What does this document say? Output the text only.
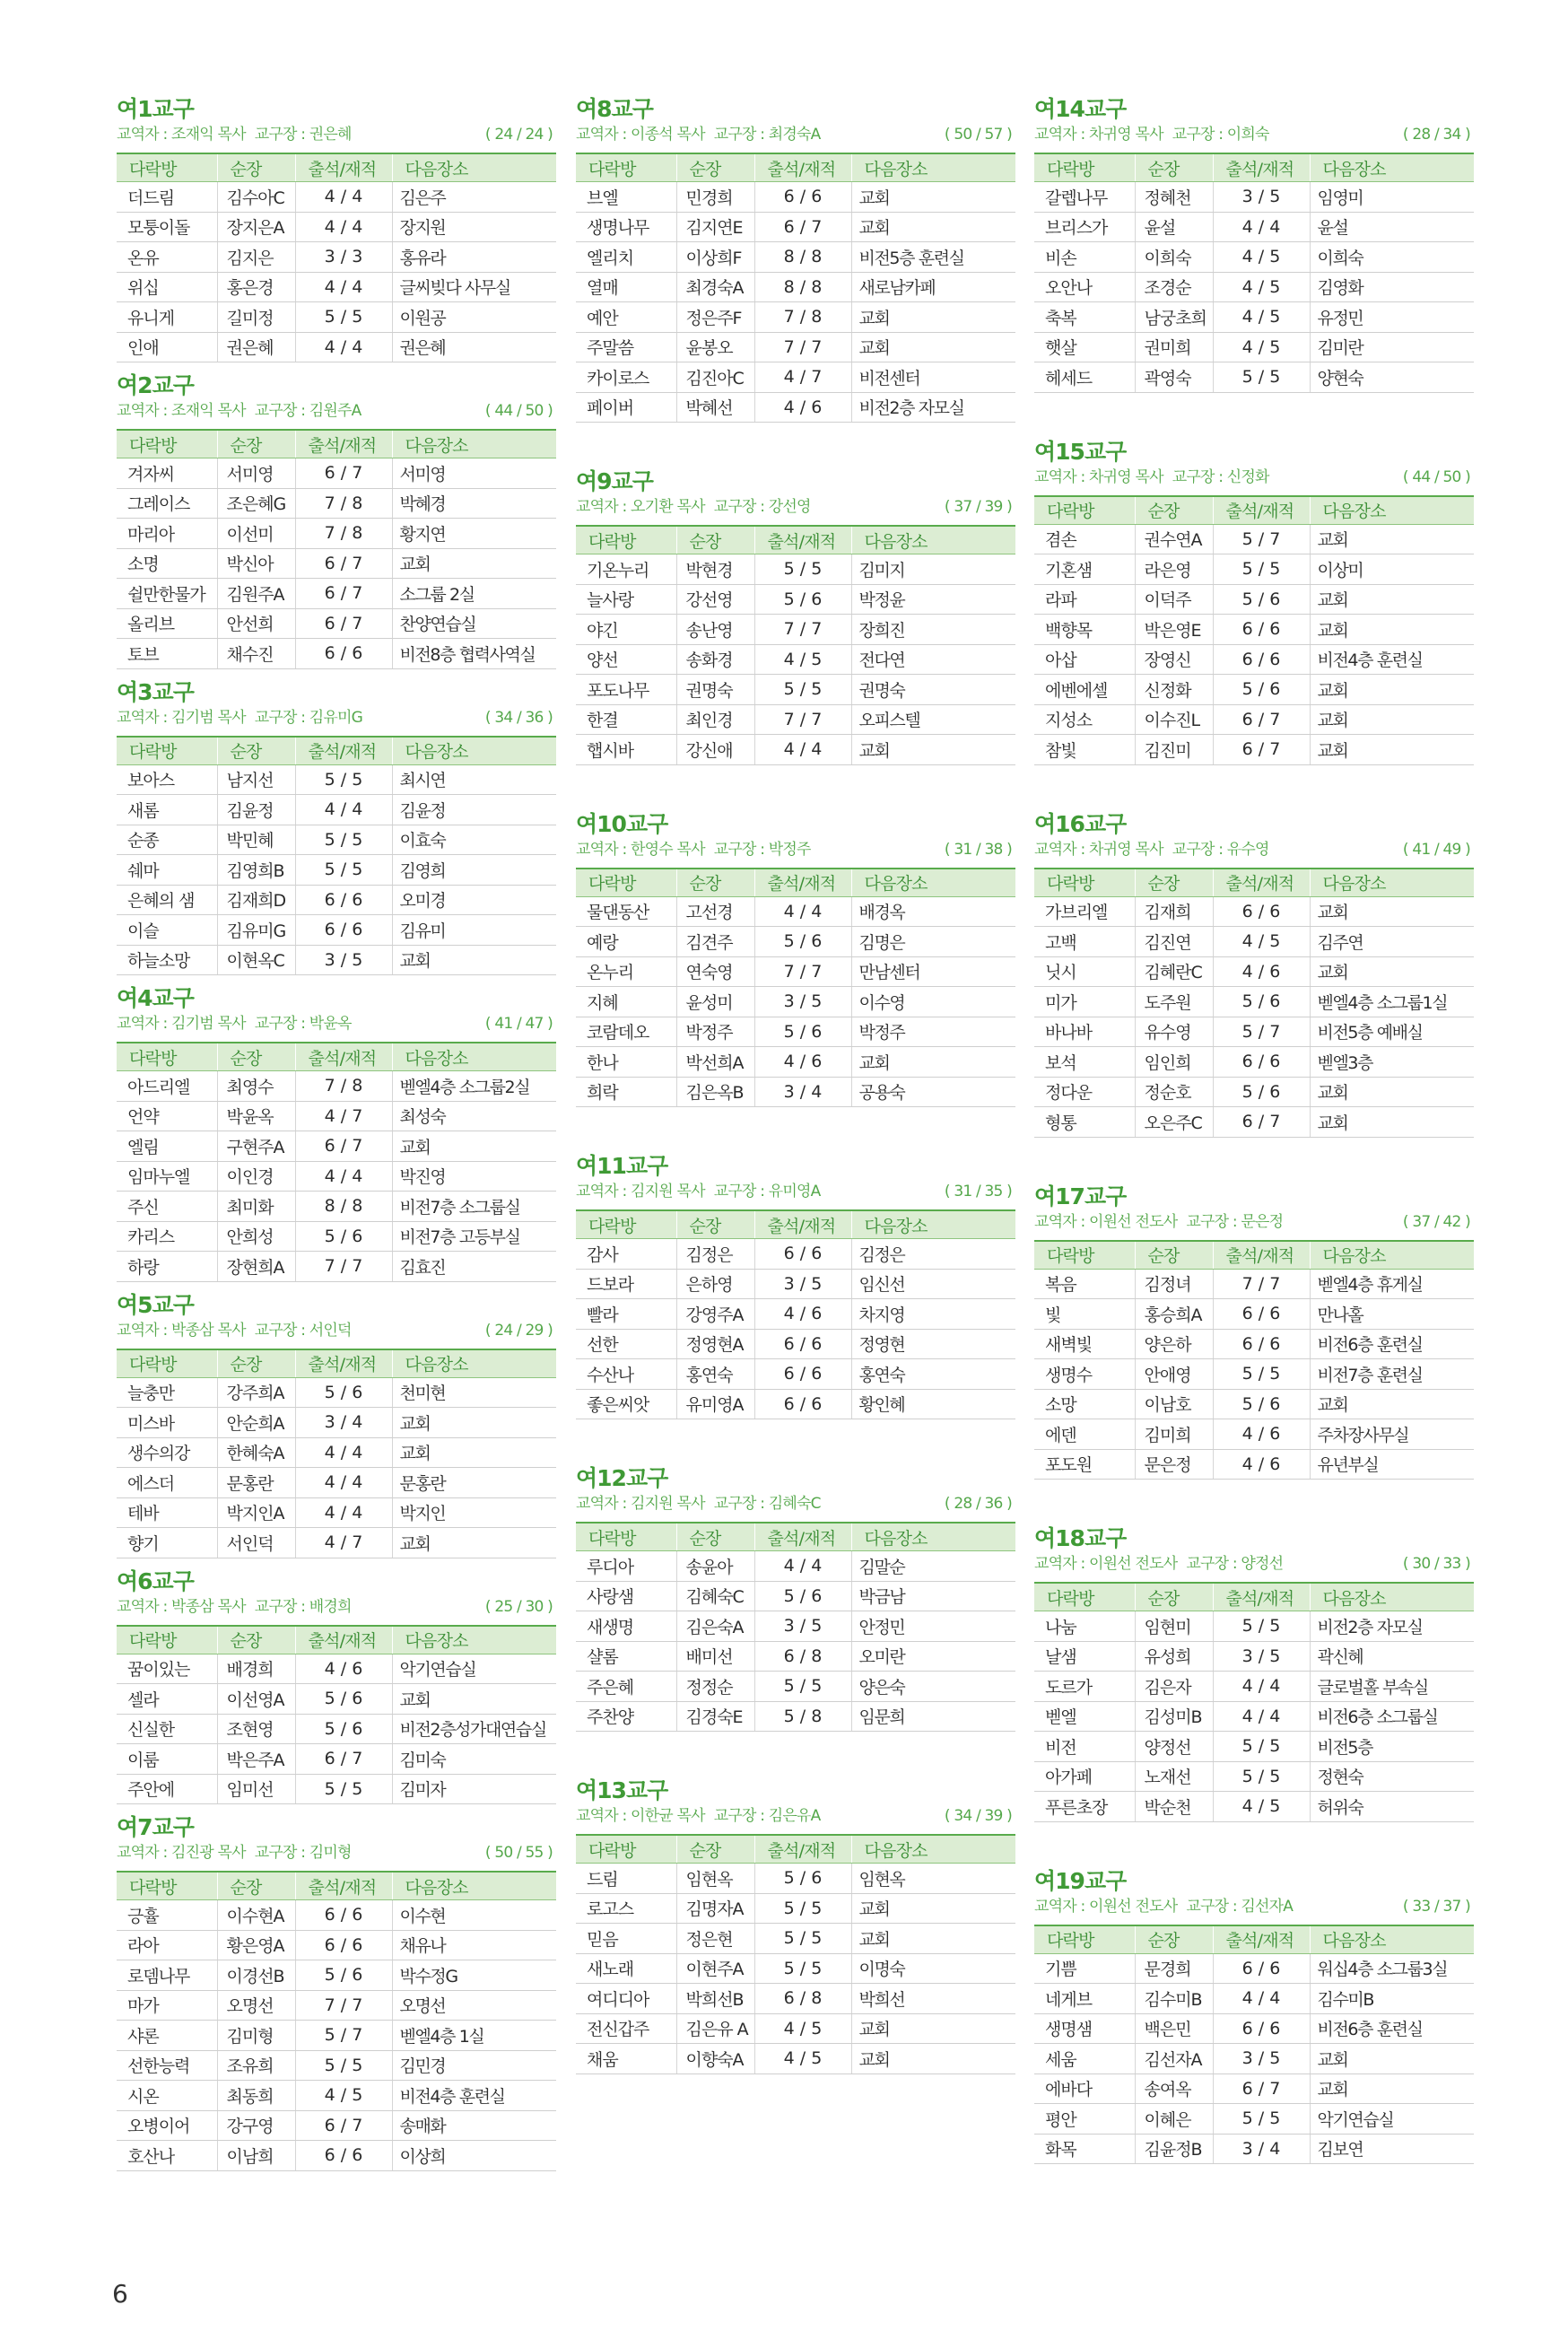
여1교구
교역자 : 조재익 목사 교구장 : 권은혜	( 24 / 24 )
다락방	순장	출석/재적	다음장소
더드림	김수아C	4 / 4	김은주
모퉁이돌	장지은A	4 / 4	장지원
온유	김지은	3 / 3	홍유라
위십	홍은경	4 / 4	글씨빚다 사무실
유니게	길미정	5 / 5	이원공
인애	권은혜	4 / 4	권은혜
여2교구
교역자 : 조재익 목사 교구장 : 김원주A	( 44 / 50 )
다락방	순장	출석/재적	다음장소
겨자씨	서미영	6 / 7	서미영
그레이스	조은혜G	7 / 8	박혜경
마리아	이선미	7 / 8	황지연
소명	박신아	6 / 7	교회
쉴만한물가	김원주A	6 / 7	소그룹 2실
올리브	안선희	6 / 7	찬양연습실
토브	채수진	6 / 6	비전8층 협력사역실
여3교구
교역자 : 김기범 목사 교구장 : 김유미G	( 34 / 36 )
다락방	순장	출석/재적	다음장소
보아스	남지선	5 / 5	최시연
새롬	김윤정	4 / 4	김윤정
순종	박민혜	5 / 5	이효숙
쉐마	김영희B	5 / 5	김영희
은혜의 샘	김재희D	6 / 6	오미경
이슬	김유미G	6 / 6	김유미
하늘소망	이현옥C	3 / 5	교회
여4교구
교역자 : 김기범 목사 교구장 : 박윤옥	( 41 / 47 )
다락방	순장	출석/재적	다음장소
아드리엘	최영수	7 / 8	벧엘4층 소그룹2실
언약	박윤옥	4 / 7	최성숙
엘림	구현주A	6 / 7	교회
임마누엘	이인경	4 / 4	박진영
주신	최미화	8 / 8	비전7층 소그룹실
카리스	안희성	5 / 6	비전7층 고등부실
하랑	장현희A	7 / 7	김효진
여5교구
교역자 : 박종삼 목사 교구장 : 서인덕	( 24 / 29 )
다락방	순장	출석/재적	다음장소
늘충만	강주희A	5 / 6	천미현
미스바	안순희A	3 / 4	교회
생수의강	한혜숙A	4 / 4	교회
에스더	문홍란	4 / 4	문홍란
테바	박지인A	4 / 4	박지인
향기	서인덕	4 / 7	교회
여6교구
교역자 : 박종삼 목사 교구장 : 배경희	( 25 / 30 )
다락방	순장	출석/재적	다음장소
꿈이있는	배경희	4 / 6	악기연습실
셀라	이선영A	5 / 6	교회
신실한	조현영	5 / 6	비전2층성가대연습실
이룸	박은주A	6 / 7	김미숙
주안에	임미선	5 / 5	김미자
여7교구
교역자 : 김진광 목사 교구장 : 김미형	( 50 / 55 )
다락방	순장	출석/재적	다음장소
긍휼	이수현A	6 / 6	이수현
라아	황은영A	6 / 6	채유나
로뎀나무	이경선B	5 / 6	박수정G
마가	오명선	7 / 7	오명선
샤론	김미형	5 / 7	벧엘4층 1실
선한능력	조유희	5 / 5	김민경
시온	최동희	4 / 5	비전4층 훈련실
오병이어	강구영	6 / 7	송매화
호산나	이남희	6 / 6	이상희
여8교구
교역자 : 이종석 목사 교구장 : 최경숙A	( 50 / 57 )
다락방	순장	출석/재적	다음장소
브엘	민경희	6 / 6	교회
생명나무	김지연E	6 / 7	교회
엘리치	이상희F	8 / 8	비전5층 훈련실
열매	최경숙A	8 / 8	새로남카페
예안	정은주F	7 / 8	교회
주말씀	윤봉오	7 / 7	교회
카이로스	김진아C	4 / 7	비전센터
페이버	박혜선	4 / 6	비전2층 자모실
여9교구
교역자 : 오기환 목사 교구장 : 강선영	( 37 / 39 )
다락방	순장	출석/재적	다음장소
기온누리	박현경	5 / 5	김미지
늘사랑	강선영	5 / 6	박정윤
야긴	송난영	7 / 7	장희진
양선	송화경	4 / 5	전다연
포도나무	권명숙	5 / 5	권명숙
한결	최인경	7 / 7	오피스텔
햅시바	강신애	4 / 4	교회
여10교구
교역자 : 한영수 목사 교구장 : 박정주	( 31 / 38 )
다락방	순장	출석/재적	다음장소
물댄동산	고선경	4 / 4	배경옥
예랑	김견주	5 / 6	김명은
온누리	연숙영	7 / 7	만남센터
지혜	윤성미	3 / 5	이수영
코람데오	박정주	5 / 6	박정주
한나	박선희A	4 / 6	교회
희락	김은옥B	3 / 4	공용숙
여11교구
교역자 : 김지원 목사 교구장 : 유미영A	( 31 / 35 )
다락방	순장	출석/재적	다음장소
감사	김정은	6 / 6	김정은
드보라	은하영	3 / 5	임신선
빨라	강영주A	4 / 6	차지영
선한	정영현A	6 / 6	정영현
수산나	홍연숙	6 / 6	홍연숙
좋은씨앗	유미영A	6 / 6	황인혜
여12교구
교역자 : 김지원 목사 교구장 : 김혜숙C	( 28 / 36 )
다락방	순장	출석/재적	다음장소
루디아	송윤아	4 / 4	김말순
사랑샘	김혜숙C	5 / 6	박금남
새생명	김은숙A	3 / 5	안정민
샬롬	배미선	6 / 8	오미란
주은혜	정정순	5 / 5	양은숙
주찬양	김경숙E	5 / 8	임문희
여13교구
교역자 : 이한균 목사 교구장 : 김은유A	( 34 / 39 )
다락방	순장	출석/재적	다음장소
드림	임현옥	5 / 6	임현옥
로고스	김명자A	5 / 5	교회
믿음	정은현	5 / 5	교회
새노래	이현주A	5 / 5	이명숙
여디디아	박희선B	6 / 8	박희선
전신갑주	김은유 A	4 / 5	교회
채움	이향숙A	4 / 5	교회
여14교구
교역자 : 차귀영 목사 교구장 : 이희숙	( 28 / 34 )
다락방	순장	출석/재적	다음장소
갈렙나무	정혜천	3 / 5	임영미
브리스가	윤설	4 / 4	윤설
비손	이희숙	4 / 5	이희숙
오안나	조경순	4 / 5	김영화
축복	남궁초희	4 / 5	유정민
햇살	권미희	4 / 5	김미란
헤세드	곽영숙	5 / 5	양현숙
여15교구
교역자 : 차귀영 목사 교구장 : 신정화	( 44 / 50 )
다락방	순장	출석/재적	다음장소
겸손	권수연A	5 / 7	교회
기혼샘	라은영	5 / 5	이상미
라파	이덕주	5 / 6	교회
백향목	박은영E	6 / 6	교회
아삽	장영신	6 / 6	비전4층 훈련실
에벤에셀	신정화	5 / 6	교회
지성소	이수진L	6 / 7	교회
참빛	김진미	6 / 7	교회
여16교구
교역자 : 차귀영 목사 교구장 : 유수영	( 41 / 49 )
다락방	순장	출석/재적	다음장소
가브리엘	김재희	6 / 6	교회
고백	김진연	4 / 5	김주연
닛시	김혜란C	4 / 6	교회
미가	도주원	5 / 6	벧엘4층 소그룹1실
바나바	유수영	5 / 7	비전5층 예배실
보석	임인희	6 / 6	벧엘3층
정다운	정순호	5 / 6	교회
형통	오은주C	6 / 7	교회
여17교구
교역자 : 이원선 전도사 교구장 : 문은정	( 37 / 42 )
다락방	순장	출석/재적	다음장소
복음	김정녀	7 / 7	벧엘4층 휴게실
빛	홍승희A	6 / 6	만나홀
새벽빛	양은하	6 / 6	비전6층 훈련실
생명수	안애영	5 / 5	비전7층 훈련실
소망	이남호	5 / 6	교회
에덴	김미희	4 / 6	주차장사무실
포도원	문은정	4 / 6	유년부실
여18교구
교역자 : 이원선 전도사 교구장 : 양정선	( 30 / 33 )
다락방	순장	출석/재적	다음장소
나눔	임현미	5 / 5	비전2층 자모실
날샘	유성희	3 / 5	곽신혜
도르가	김은자	4 / 4	글로벌홀 부속실
벧엘	김성미B	4 / 4	비전6층 소그룹실
비전	양정선	5 / 5	비전5층
아가페	노재선	5 / 5	정현숙
푸른초장	박순천	4 / 5	허위숙
여19교구
교역자 : 이원선 전도사 교구장 : 김선자A	( 33 / 37 )
다락방	순장	출석/재적	다음장소
기쁨	문경희	6 / 6	워십4층 소그룹3실
네게브	김수미B	4 / 4	김수미B
생명샘	백은민	6 / 6	비전6층 훈련실
세움	김선자A	3 / 5	교회
에바다	송여옥	6 / 7	교회
평안	이혜은	5 / 5	악기연습실
화목	김윤정B	3 / 4	김보연
6
